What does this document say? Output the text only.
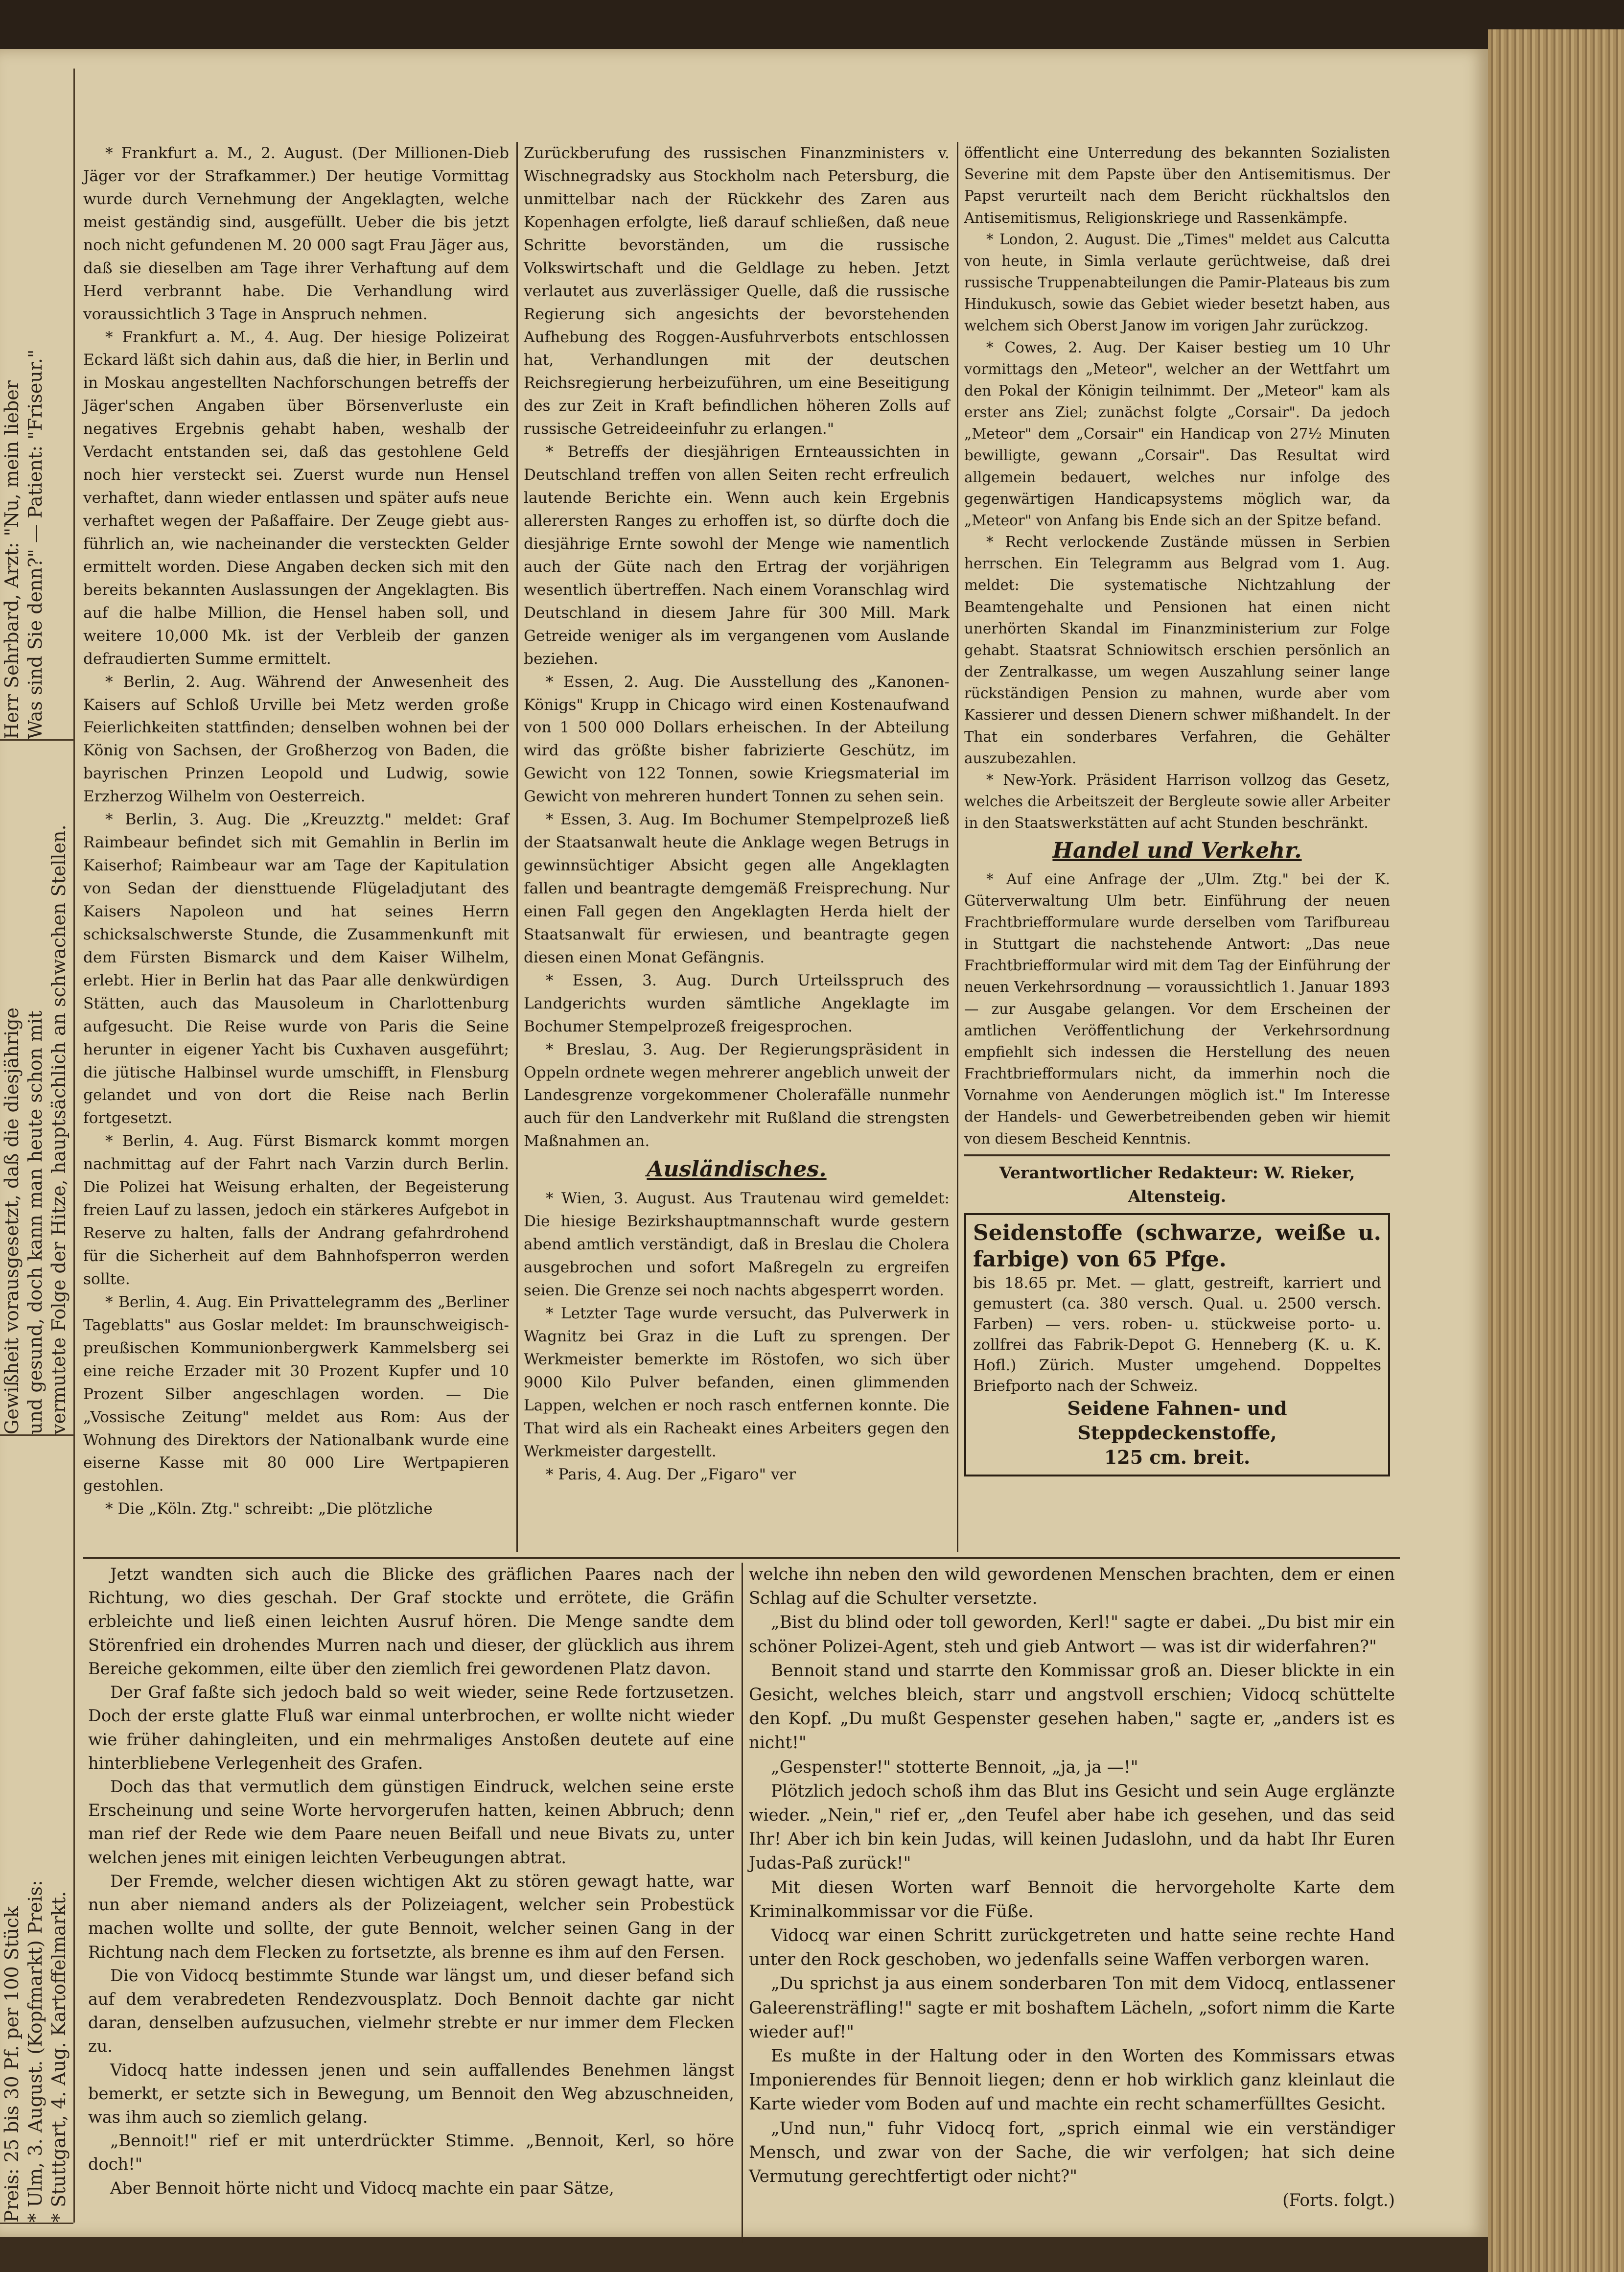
Herr Sehrbard, Arzt: "Nu, mein lieber
Was sind Sie denn?" — Patient: "Friseur."
Gewißheit vorausgesetzt, daß die diesjährige
und gesund, doch kann man heute schon mit
vermutete Folge der Hitze, hauptsächlich an schwachen Stellen.
Preis: 25 bis 30 Pf. per 100 Stück
* Ulm, 3. August. (Kopfmarkt) Preis:
* Stuttgart, 4. Aug. Kartoffelmarkt.

* Frankfurt a. M., 2. August. (Der Millionen-Dieb Jäger vor der Strafkammer.) Der heutige Vormittag wurde durch Vernehmung der Angeklagten, welche meist geständig sind, ausgefüllt. Ueber die bis jetzt noch nicht gefundenen M. 20 000 sagt Frau Jäger aus, daß sie dieselben am Tage ihrer Verhaftung auf dem Herd verbrannt habe. Die Verhandlung wird voraussichtlich 3 Tage in Anspruch nehmen.

* Frankfurt a. M., 4. Aug. Der hiesige Polizeirat Eckard läßt sich dahin aus, daß die hier, in Berlin und in Moskau angestellten Nachforschungen betreffs der Jäger'schen Angaben über Börsenverluste ein negatives Ergebnis gehabt haben, weshalb der Verdacht entstanden sei, daß das gestohlene Geld noch hier versteckt sei. Zuerst wurde nun Hensel verhaftet, dann wieder entlassen und später aufs neue verhaftet wegen der Paßaffaire. Der Zeuge giebt ausführlich an, wie nacheinander die versteckten Gelder ermittelt worden. Diese Angaben decken sich mit den bereits bekannten Auslassungen der Angeklagten. Bis auf die halbe Million, die Hensel haben soll, und weitere 10,000 Mk. ist der Verbleib der ganzen defraudierten Summe ermittelt.

* Berlin, 2. Aug. Während der Anwesenheit des Kaisers auf Schloß Urville bei Metz werden große Feierlichkeiten stattfinden; denselben wohnen bei der König von Sachsen, der Großherzog von Baden, die bayrischen Prinzen Leopold und Ludwig, sowie Erzherzog Wilhelm von Oesterreich.

* Berlin, 3. Aug. Die „Kreuzztg." meldet: Graf Raimbeaur befindet sich mit Gemahlin in Berlin im Kaiserhof; Raimbeaur war am Tage der Kapitulation von Sedan der diensttuende Flügeladjutant des Kaisers Napoleon und hat seines Herrn schicksalschwerste Stunde, die Zusammenkunft mit dem Fürsten Bismarck und dem Kaiser Wilhelm, erlebt. Hier in Berlin hat das Paar alle denkwürdigen Stätten, auch das Mausoleum in Charlottenburg aufgesucht. Die Reise wurde von Paris die Seine herunter in eigener Yacht bis Cuxhaven ausgeführt; die jütische Halbinsel wurde umschifft, in Flensburg gelandet und von dort die Reise nach Berlin fortgesetzt.

* Berlin, 4. Aug. Fürst Bismarck kommt morgen nachmittag auf der Fahrt nach Varzin durch Berlin. Die Polizei hat Weisung erhalten, der Begeisterung freien Lauf zu lassen, jedoch ein stärkeres Aufgebot in Reserve zu halten, falls der Andrang gefahrdrohend für die Sicherheit auf dem Bahnhofsperron werden sollte.

* Berlin, 4. Aug. Ein Privattelegramm des „Berliner Tageblatts" aus Goslar meldet: Im braunschweigisch-preußischen Kommunionbergwerk Kammelsberg sei eine reiche Erzader mit 30 Prozent Kupfer und 10 Prozent Silber angeschlagen worden. — Die „Vossische Zeitung" meldet aus Rom: Aus der Wohnung des Direktors der Nationalbank wurde eine eiserne Kasse mit 80 000 Lire Wertpapieren gestohlen.

* Die „Köln. Ztg." schreibt: „Die plötzliche

Zurückberufung des russischen Finanzministers v. Wischnegradsky aus Stockholm nach Petersburg, die unmittelbar nach der Rückkehr des Zaren aus Kopenhagen erfolgte, ließ darauf schließen, daß neue Schritte bevorständen, um die russische Volkswirtschaft und die Geldlage zu heben. Jetzt verlautet aus zuverlässiger Quelle, daß die russische Regierung sich angesichts der bevorstehenden Aufhebung des Roggen-Ausfuhrverbots entschlossen hat, Verhandlungen mit der deutschen Reichsregierung herbeizuführen, um eine Beseitigung des zur Zeit in Kraft befindlichen höheren Zolls auf russische Getreideeinfuhr zu erlangen."

* Betreffs der diesjährigen Ernteaussichten in Deutschland treffen von allen Seiten recht erfreulich lautende Berichte ein. Wenn auch kein Ergebnis allerersten Ranges zu erhoffen ist, so dürfte doch die diesjährige Ernte sowohl der Menge wie namentlich auch der Güte nach den Ertrag der vorjährigen wesentlich übertreffen. Nach einem Voranschlag wird Deutschland in diesem Jahre für 300 Mill. Mark Getreide weniger als im vergangenen vom Auslande beziehen.

* Essen, 2. Aug. Die Ausstellung des „Kanonen-Königs" Krupp in Chicago wird einen Kostenaufwand von 1 500 000 Dollars erheischen. In der Abteilung wird das größte bisher fabrizierte Geschütz, im Gewicht von 122 Tonnen, sowie Kriegsmaterial im Gewicht von mehreren hundert Tonnen zu sehen sein.

* Essen, 3. Aug. Im Bochumer Stempelprozeß ließ der Staatsanwalt heute die Anklage wegen Betrugs in gewinnsüchtiger Absicht gegen alle Angeklagten fallen und beantragte demgemäß Freisprechung. Nur einen Fall gegen den Angeklagten Herda hielt der Staatsanwalt für erwiesen, und beantragte gegen diesen einen Monat Gefängnis.

* Essen, 3. Aug. Durch Urteilsspruch des Landgerichts wurden sämtliche Angeklagte im Bochumer Stempelprozeß freigesprochen.

* Breslau, 3. Aug. Der Regierungspräsident in Oppeln ordnete wegen mehrerer angeblich unweit der Landesgrenze vorgekommener Cholerafälle nunmehr auch für den Landverkehr mit Rußland die strengsten Maßnahmen an.

Ausländisches.

* Wien, 3. August. Aus Trautenau wird gemeldet: Die hiesige Bezirkshauptmannschaft wurde gestern abend amtlich verständigt, daß in Breslau die Cholera ausgebrochen und sofort Maßregeln zu ergreifen seien. Die Grenze sei noch nachts abgesperrt worden.

* Letzter Tage wurde versucht, das Pulverwerk in Wagnitz bei Graz in die Luft zu sprengen. Der Werkmeister bemerkte im Röstofen, wo sich über 9000 Kilo Pulver befanden, einen glimmenden Lappen, welchen er noch rasch entfernen konnte. Die That wird als ein Racheakt eines Arbeiters gegen den Werkmeister dargestellt.

* Paris, 4. Aug. Der „Figaro" ver

öffentlicht eine Unterredung des bekannten Sozialisten Severine mit dem Papste über den Antisemitismus. Der Papst verurteilt nach dem Bericht rückhaltslos den Antisemitismus, Religionskriege und Rassenkämpfe.

* London, 2. August. Die „Times" meldet aus Calcutta von heute, in Simla verlaute gerüchtweise, daß drei russische Truppenabteilungen die Pamir-Plateaus bis zum Hindukusch, sowie das Gebiet wieder besetzt haben, aus welchem sich Oberst Janow im vorigen Jahr zurückzog.

* Cowes, 2. Aug. Der Kaiser bestieg um 10 Uhr vormittags den „Meteor", welcher an der Wettfahrt um den Pokal der Königin teilnimmt. Der „Meteor" kam als erster ans Ziel; zunächst folgte „Corsair". Da jedoch „Meteor" dem „Corsair" ein Handicap von 27½ Minuten bewilligte, gewann „Corsair". Das Resultat wird allgemein bedauert, welches nur infolge des gegenwärtigen Handicapsystems möglich war, da „Meteor" von Anfang bis Ende sich an der Spitze befand.

* Recht verlockende Zustände müssen in Serbien herrschen. Ein Telegramm aus Belgrad vom 1. Aug. meldet: Die systematische Nichtzahlung der Beamtengehalte und Pensionen hat einen nicht unerhörten Skandal im Finanzministerium zur Folge gehabt. Staatsrat Schniowitsch erschien persönlich an der Zentralkasse, um wegen Auszahlung seiner lange rückständigen Pension zu mahnen, wurde aber vom Kassierer und dessen Dienern schwer mißhandelt. In der That ein sonderbares Verfahren, die Gehälter auszubezahlen.

* New-York. Präsident Harrison vollzog das Gesetz, welches die Arbeitszeit der Bergleute sowie aller Arbeiter in den Staatswerkstätten auf acht Stunden beschränkt.

Handel und Verkehr.

* Auf eine Anfrage der „Ulm. Ztg." bei der K. Güterverwaltung Ulm betr. Einführung der neuen Frachtbriefformulare wurde derselben vom Tarifbureau in Stuttgart die nachstehende Antwort: „Das neue Frachtbriefformular wird mit dem Tag der Einführung der neuen Verkehrsordnung — voraussichtlich 1. Januar 1893 — zur Ausgabe gelangen. Vor dem Erscheinen der amtlichen Veröffentlichung der Verkehrsordnung empfiehlt sich indessen die Herstellung des neuen Frachtbriefformulars nicht, da immerhin noch die Vornahme von Aenderungen möglich ist." Im Interesse der Handels- und Gewerbetreibenden geben wir hiemit von diesem Bescheid Kenntnis.

Verantwortlicher Redakteur: W. Rieker, Altensteig.
Seidenstoffe (schwarze, weiße u. farbige) von 65 Pfge.
bis 18.65 pr. Met. — glatt, gestreift, karriert und gemustert (ca. 380 versch. Qual. u. 2500 versch. Farben) — vers. roben- u. stückweise porto- u. zollfrei das Fabrik-Depot G. Henneberg (K. u. K. Hofl.) Zürich. Muster umgehend. Doppeltes Briefporto nach der Schweiz.
Seidene Fahnen- und Steppdeckenstoffe,
125 cm. breit.

Jetzt wandten sich auch die Blicke des gräflichen Paares nach der Richtung, wo dies geschah. Der Graf stockte und errötete, die Gräfin erbleichte und ließ einen leichten Ausruf hören. Die Menge sandte dem Störenfried ein drohendes Murren nach und dieser, der glücklich aus ihrem Bereiche gekommen, eilte über den ziemlich frei gewordenen Platz davon.

Der Graf faßte sich jedoch bald so weit wieder, seine Rede fortzusetzen. Doch der erste glatte Fluß war einmal unterbrochen, er wollte nicht wieder wie früher dahingleiten, und ein mehrmaliges Anstoßen deutete auf eine hinterbliebene Verlegenheit des Grafen.

Doch das that vermutlich dem günstigen Eindruck, welchen seine erste Erscheinung und seine Worte hervorgerufen hatten, keinen Abbruch; denn man rief der Rede wie dem Paare neuen Beifall und neue Bivats zu, unter welchen jenes mit einigen leichten Verbeugungen abtrat.

Der Fremde, welcher diesen wichtigen Akt zu stören gewagt hatte, war nun aber niemand anders als der Polizeiagent, welcher sein Probestück machen wollte und sollte, der gute Bennoit, welcher seinen Gang in der Richtung nach dem Flecken zu fortsetzte, als brenne es ihm auf den Fersen.

Die von Vidocq bestimmte Stunde war längst um, und dieser befand sich auf dem verabredeten Rendezvousplatz. Doch Bennoit dachte gar nicht daran, denselben aufzusuchen, vielmehr strebte er nur immer dem Flecken zu.

Vidocq hatte indessen jenen und sein auffallendes Benehmen längst bemerkt, er setzte sich in Bewegung, um Bennoit den Weg abzuschneiden, was ihm auch so ziemlich gelang.

„Bennoit!" rief er mit unterdrückter Stimme. „Bennoit, Kerl, so höre doch!"

Aber Bennoit hörte nicht und Vidocq machte ein paar Sätze,

welche ihn neben den wild gewordenen Menschen brachten, dem er einen Schlag auf die Schulter versetzte.

„Bist du blind oder toll geworden, Kerl!" sagte er dabei. „Du bist mir ein schöner Polizei-Agent, steh und gieb Antwort — was ist dir widerfahren?"

Bennoit stand und starrte den Kommissar groß an. Dieser blickte in ein Gesicht, welches bleich, starr und angstvoll erschien; Vidocq schüttelte den Kopf. „Du mußt Gespenster gesehen haben," sagte er, „anders ist es nicht!"

„Gespenster!" stotterte Bennoit, „ja, ja —!"

Plötzlich jedoch schoß ihm das Blut ins Gesicht und sein Auge erglänzte wieder. „Nein," rief er, „den Teufel aber habe ich gesehen, und das seid Ihr! Aber ich bin kein Judas, will keinen Judaslohn, und da habt Ihr Euren Judas-Paß zurück!"

Mit diesen Worten warf Bennoit die hervorgeholte Karte dem Kriminalkommissar vor die Füße.

Vidocq war einen Schritt zurückgetreten und hatte seine rechte Hand unter den Rock geschoben, wo jedenfalls seine Waffen verborgen waren.

„Du sprichst ja aus einem sonderbaren Ton mit dem Vidocq, entlassener Galeerensträfling!" sagte er mit boshaftem Lächeln, „sofort nimm die Karte wieder auf!"

Es mußte in der Haltung oder in den Worten des Kommissars etwas Imponierendes für Bennoit liegen; denn er hob wirklich ganz kleinlaut die Karte wieder vom Boden auf und machte ein recht schamerfülltes Gesicht.

„Und nun," fuhr Vidocq fort, „sprich einmal wie ein verständiger Mensch, und zwar von der Sache, die wir verfolgen; hat sich deine Vermutung gerechtfertigt oder nicht?"

(Forts. folgt.)
